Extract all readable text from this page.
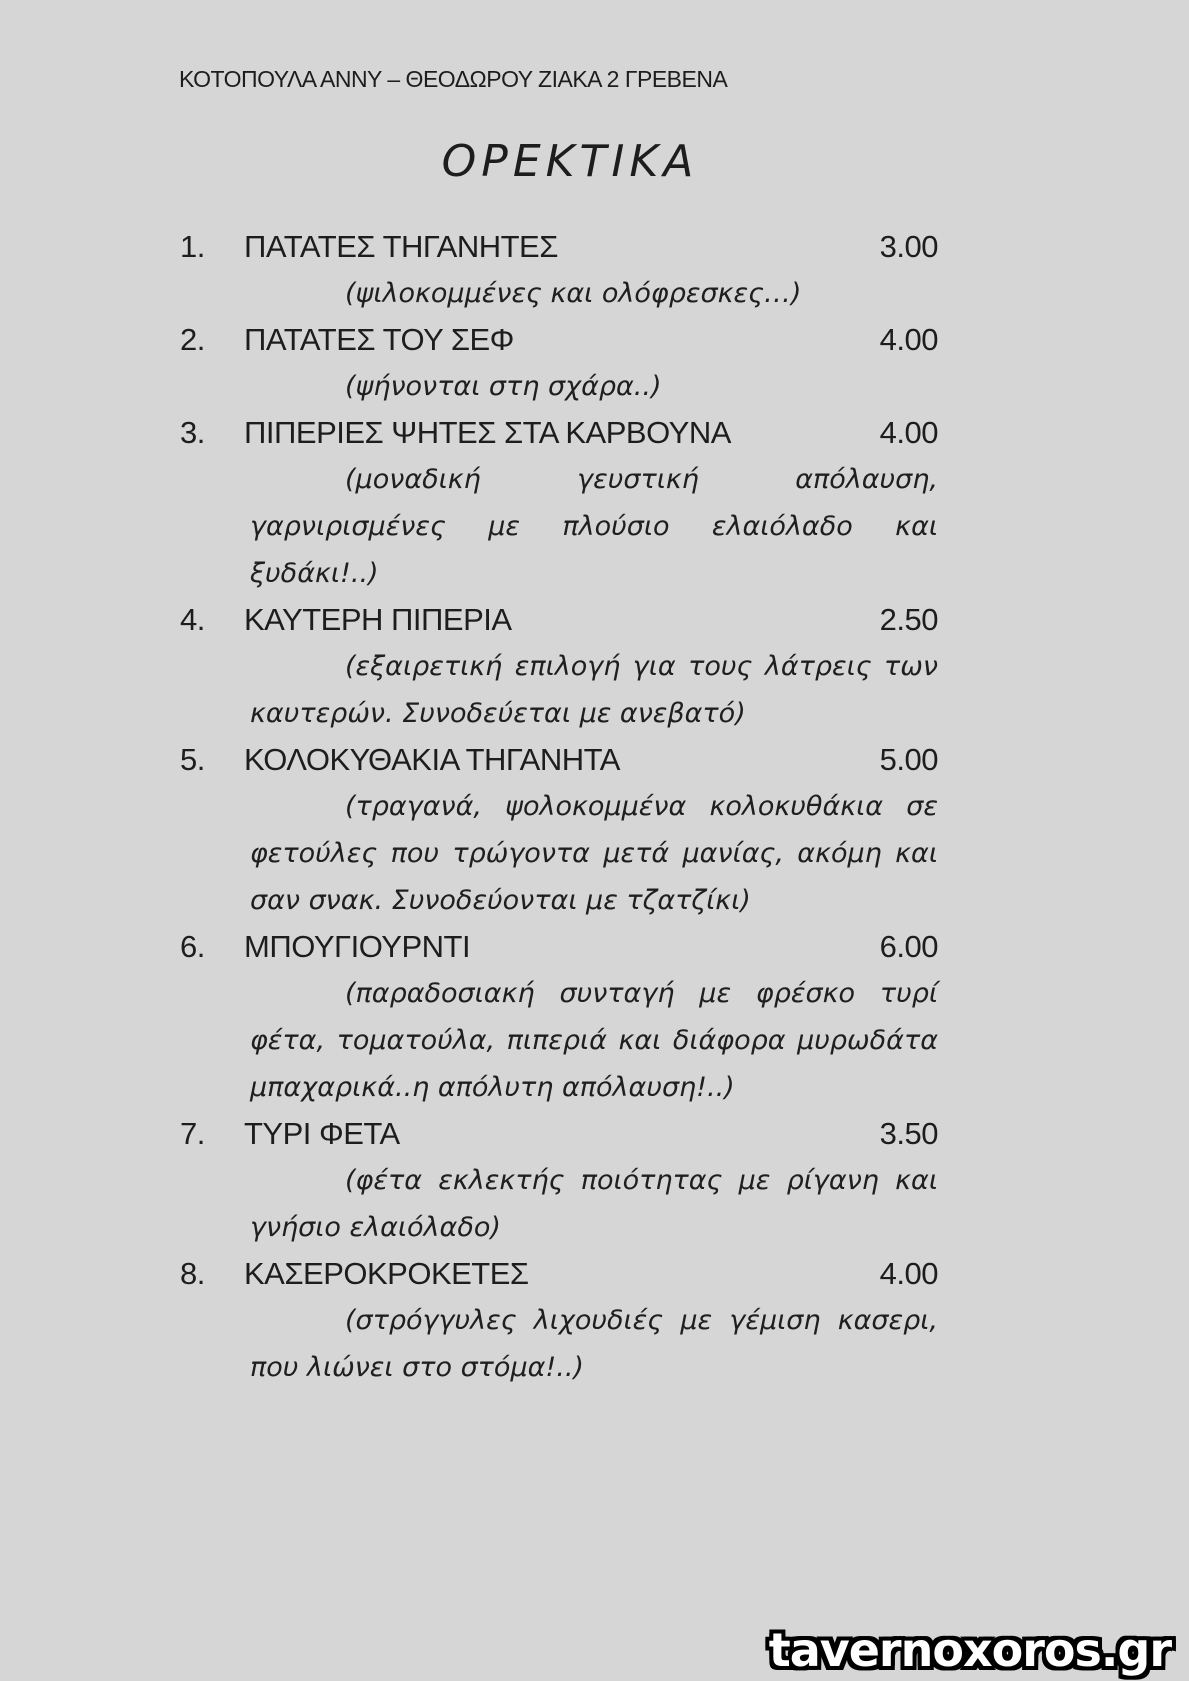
ΚΟΤΟΠΟΥΛΑ ΑΝΝΥ – ΘΕΟΔΩΡΟΥ ΖΙΑΚΑ 2 ΓΡΕΒΕΝΑ
ΟΡΕΚΤΙΚΑ
1.	ΠΑΤΑΤΕΣ ΤΗΓΑΝΗΤΕΣ	3.00
(ψιλοκομμένες και ολόφρεσκες…)
2.	ΠΑΤΑΤΕΣ ΤΟΥ ΣΕΦ	4.00
(ψήνονται στη σχάρα..)
3.	ΠΙΠΕΡΙΕΣ ΨΗΤΕΣ ΣΤΑ ΚΑΡΒΟΥΝΑ	4.00
(μοναδική γευστική απόλαυση, γαρνιρισμένες με πλούσιο ελαιόλαδο και ξυδάκι!..)
4.	ΚΑΥΤΕΡΗ ΠΙΠΕΡΙΑ	2.50
(εξαιρετική επιλογή για τους λάτρεις των καυτερών. Συνοδεύεται με ανεβατό)
5.	ΚΟΛΟΚΥΘΑΚΙΑ ΤΗΓΑΝΗΤΑ	5.00
(τραγανά, ψολοκομμένα κολοκυθάκια σε φετούλες που τρώγοντα μετά μανίας, ακόμη και σαν σνακ. Συνοδεύονται με τζατζίκι)
6.	ΜΠΟΥΓΙΟΥΡΝΤΙ	6.00
(παραδοσιακή συνταγή με φρέσκο τυρί φέτα, τοματούλα, πιπεριά και διάφορα μυρωδάτα μπαχαρικά..η απόλυτη απόλαυση!..)
7.	ΤΥΡΙ ΦΕΤΑ	3.50
(φέτα εκλεκτής ποιότητας με ρίγανη και γνήσιο ελαιόλαδο)
8.	ΚΑΣΕΡΟΚΡΟΚΕΤΕΣ	4.00
(στρόγγυλες λιχουδιές με γέμιση κασερι, που λιώνει στο στόμα!..)
tavernoxoros.gr
